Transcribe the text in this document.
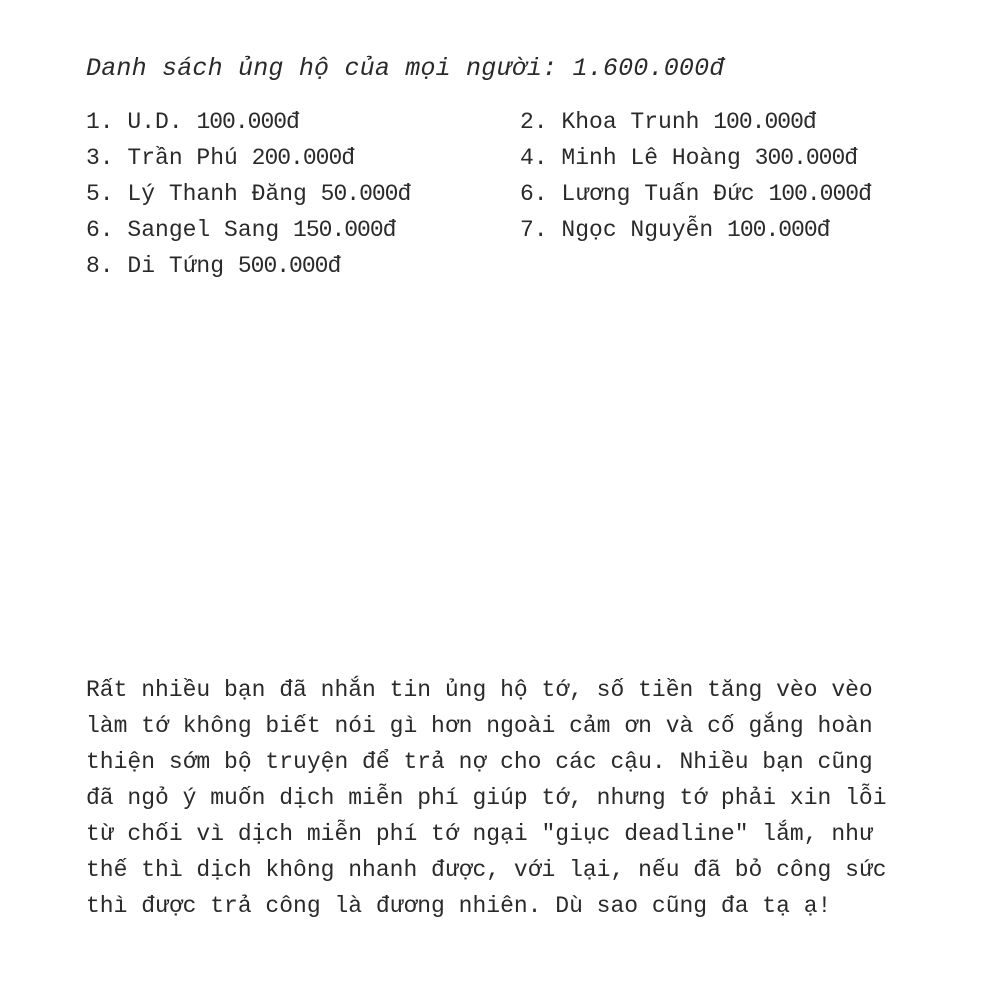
Danh sách ủng hộ của mọi người: 1.600.000đ
1. U.D. 100.000đ	2. Khoa Trunh 100.000đ
3. Trần Phú 200.000đ	4. Minh Lê Hoàng 300.000đ
5. Lý Thanh Đăng 50.000đ	6. Lương Tuấn Đức 100.000đ
6. Sangel Sang 150.000đ	7. Ngọc Nguyễn 100.000đ
8. Di Tứng 500.000đ

Rất nhiều bạn đã nhắn tin ủng hộ tớ, số tiền tăng vèo vèo
làm tớ không biết nói gì hơn ngoài cảm ơn và cố gắng hoàn
thiện sớm bộ truyện để trả nợ cho các cậu. Nhiều bạn cũng
đã ngỏ ý muốn dịch miễn phí giúp tớ, nhưng tớ phải xin lỗi
từ chối vì dịch miễn phí tớ ngại "giục deadline" lắm, như
thế thì dịch không nhanh được, với lại, nếu đã bỏ công sức
thì được trả công là đương nhiên. Dù sao cũng đa tạ ạ!
